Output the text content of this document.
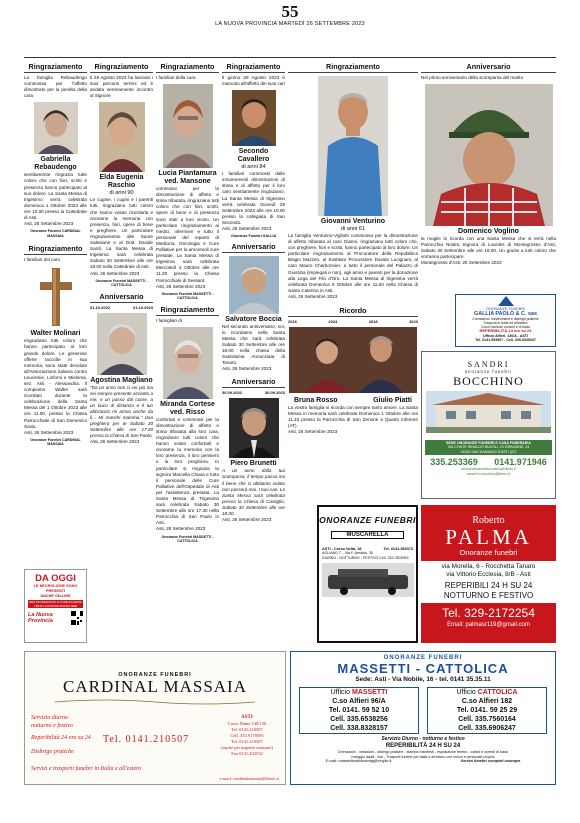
55
LA NUOVA PROVINCIA MARTEDÌ 26 SETTEMBRE 2023
Ringraziamento
La famiglia Rebaudengo commossa per l'affetto dimostrato per la perdita della cara
Gabriella Rebaudengo
sentitamente ringrazia tutte coloro che con fiori, scritti e presenza hanno partecipato al suo dolore. La Santa Messa di trigesimo verrà celebrata domenica 1 Ottobre 2023 alle ore 10.00 presso la Cattedrale di Asti.
Asti, 26 Settembre 2023
Onoranze Funebri CARDINAL MASSAIA
Ringraziamento
I familiari del caro
Walter Molinari
ringraziano tutti coloro che hanno partecipato al loro grande dolore. Le generose offerte raccolte in sua memoria, sono state devolute all'Associazione italiana contro Leucemie, Linfomi e Mieloma, sez. Asti - Alessandria. Il compianto Walter sarà ricordato durante la celebrazione della Santa Messa del 1 Ottobre 2023 alle ore 11.00, presso la Chiesa Parrocchiale di San Domenico Savio.
Asti, 26 Settembre 2023
Onoranze Funebri CARDINAL MASSAIA
DA OGGI
LE NECROLOGIE SONO PRESENTI
ANCHE ON-LINE
PER INFORMAZIONI E CONSULTAZIONI VISITA LA NOSTRA PAGINA WEB
La Nuova Provincia
Ringraziamento
Il 28 Agosto 2023 ha lasciato i suoi percorsi terreni ed è andata serenamente incontro al Signore
Elda Eugenia Raschio
di anni 90
Le cugine, i cugini e i parenti tutti, ringraziano tutti coloro che hanno voluto ricordarla e onorarne la memoria con presenza, fiori, opere di bene e preghiere. Un particolare ringraziamento alle Suore Salesiane e al Dott. Davide Sardi. La Santa Messa di trigesima sarà celebrata Sabato 30 Settembre alle ore 18.00 nella Cattedrale di Asti.
Asti, 26 Settembre 2023
Onoranze Funebri MASSETTI - CATTOLICA
Anniversario
01.10.2022	01.10.2023
Agostina Magliano
"Da un anno non ci sei più ma sei sempre presente accanto a me, e un passo dal cuore, a un buco di distanza e il tuo abbraccio mi arriva anche da lì... Mi manchi mamma." Una preghiera per te Sabato 30 Settembre alle ore 17.30 presso la Chiesa di San Paolo.
Asti, 26 Settembre 2023
Ringraziamento
I familiari della cara
Lucia Piantamura ved. Mansone
commossi per la dimostrazione di affetto e stima tributata, ringraziano tutti coloro che con fiori, scritti, opere di bene e di presenza sono stati a loro vicino. Un particolare ringraziamento ai medici, infermieri e tutto il personale del reparto di Medicina, Oncologia e Cure Palliative per la amorevoli cure prestate. La Santa Messa di trigesima sarà celebrata Mercoledì 4 Ottobre alle ore 11.30 presso la Chiesa Parrocchiale di Sessant.
Asti, 26 Settembre 2023
Onoranze Funebri MASSETTI - CATTOLICA
Ringraziamento
I famigliari di
Miranda Cortese ved. Risso
confortati e commossi per la dimostrazione di affetto e stima tributata alla loro cara, ringraziano tutti coloro che hanno voluto confortarli e onorarne la memoria con la loro presenza, il loro pensiero e la loro preghiera. In particolare si ringrazia la signora Marcella Chiara e tutto il personale delle Cure Palliative dell'Ospedale di Asti per l'assistenza prestata. La Santa Messa di Trigesima sarà celebrata Sabato 30 Settembre alle ore 17.30 nella Parrocchia di San Paolo in Asti.
Asti, 26 Settembre 2023
Onoranze Funebri MASSETTI - CATTOLICA
Ringraziamento
Il giorno 29 Agosto 2023 è mancato all'affetto dei suoi cari
Secondo Cavallero
di anni 84
I familiari commossi dalle innumerevoli dimostrazioni di stima e di affetto per il loro caro sentitamente ringraziano. La Santa Messa di trigesimo verrà celebrata Giovedì 28 Settembre 2023 alle ore 10.00 presso la collegiata di San Secondo.
Asti, 26 Settembre 2023
Onoranze Funebri GALLIA
Anniversario
Salvatore Boccia
Nel secondo anniversario, noi, lo ricordiamo nella Santa Messa che sarà celebrata Sabato 30 Settembre alle ore 18.00 nella chiesa della Santissima Annunziata di Tanaro.
Asti, 26 Settembre 2023
Anniversario
30.09.2022	30.09.2023
Piero Brunetti
A un anno dalla tua scomparsa, il tempo passa ma il bene che ci abbiamo voluto non passerà mai. I tuoi cari. La Santa Messa sarà celebrata presso la Chiesa di Castiglio, Sabato 30 Settembre alle ore 18.00.
Asti, 26 Settembre 2023
Ringraziamento
Giovanni Venturino
di anni 61
La famiglia Venturino-Vigliotti commossa per la dimostrazione di affetto tributata al caro Gianni, ringraziano tutti coloro che, con preghiere, fiori e scritti, hanno partecipato al loro dolore. Un particolare ringraziamento al Procuratore della Repubblica Biagio Mazzeo, al Sostituto Procuratore Davide Lucignani, al caro Mauro Charbonnier, a tutto il personale del Palazzo di Giustizia (impiegati e non), agli amici e parenti per la donazione alla Lega del Filo d'Oro. La Santa Messa di trigesima verrà celebrata Domenica 8 Ottobre alle ore 11.00 nella Chiesa di Santa Caterina in Asti.
Asti, 26 Settembre 2023
Ricordo
2016	2023	2018	2023
Bruna Rosso	Giulio Piatti
La vostra famiglia vi ricorda con sempre tanto amore. La Santa Messa in memoria sarà celebrata Domenica 1 Ottobre alle ore 11.15 presso la Parrocchia di San Zenone a Quarto Inferiore (AT).
Asti, 26 Settembre 2023
Anniversario
Nel primo anniversario della scomparsa del marito
Domenico Voglino
la moglie lo ricorda con una Santa Messa che si terrà nella Parrocchia Nostra Signora di Lourdes di Montegrosso d'Asti, Sabato 30 Settembre alle ore 18.00. Un grazie a tutti coloro che vorranno partecipare.
Montegrosso d'Asti, 26 Settembre 2023
ONORANZE FUNEBRI
GALLIA PAOLO & C. sas
Cremazioni, trasferimenti e disbrigo pratiche
Trasporti in Italia ed all'estero
Colori mortuari comuni e di lusso
REPERIBILITÀ 24 ore su 24
Ufficio Alfieri, 130/A - ASTI
Tel. 0141.593507 - Cell. 335.5339347
SANDRI
onoranze funebri
BOCCHINO
SEDE ONORANZE FUNEBRI E CASA FUNERARIA
VIA CONTE RINALDO NUVOLI, DI GRINZANE, 24
14030 SAN DAMIANO D'ASTI (AT)
335.253369 0141.971946
onoranzesandribocchino@libero.it
sandri.e.bocchino@libero.it
ONORANZE FUNEBRI
MUSCARELLA
ASTI - Corso Volta, 18	Tel. 0141.353373
AGLIANO T. - Via F. Arnaldo, 35
DIURNO - NOTTURNO - FESTIVO Cell. 333.7803953
Roberto
PALMA
Onoranze funebri
via Morella, 6 - Rocchetta Tanaro
via Vittorio Ecclesia, 8/B - Asti
REPERIBILI 24 H SU 24
NOTTURNO E FESTIVO
Tel. 329-2172254
Email: palmasr119@gmail.com
ONORANZE FUNEBRI
CARDINAL MASSAIA
Servizio diurno
notturno e festivo
Reperibilità 24 ore su 24
Disbrigo pratiche
Servizi e trasporti funebri in Italia e all'estero
Tel. 0141.210507
ASTI
Corso Dante 148/150
Tel. 0141.210507
Cell. 333.9178593
Tel. 0141.210507
(anche per urgenze notturne)
Fax 0141.432532
e-mail: cardinalmassaia@libero.it
ONORANZE FUNEBRI
MASSETTI - CATTOLICA
Sede: Asti - Via Nobile, 16 - tel. 0141 35.35.11
Ufficio MASSETTI
C.so Alfieri 96/A
Tel. 0141. 59 52 10
Cell. 335.6538256
Cell. 338.8328157
Ufficio CATTOLICA
C.so Alfieri 182
Tel. 0141. 59 25 29
Cell. 335.7560164
Cell. 335.6906247
Servizio Diurno - notturno e festivo
REPERIBILITÀ 24 H SU 24
Cremazioni - vestizioni - disbrigo pratiche - stampa manifesti - esposizione feretro - cofani e corredi di lusso
noleggio lapidi - fiori - Trasporti funebri per Italia e all'estero con mezzi e personale proprio
E-mail: massetticattolicamag@virgilio.it	Servizi funebri completi ovunque
